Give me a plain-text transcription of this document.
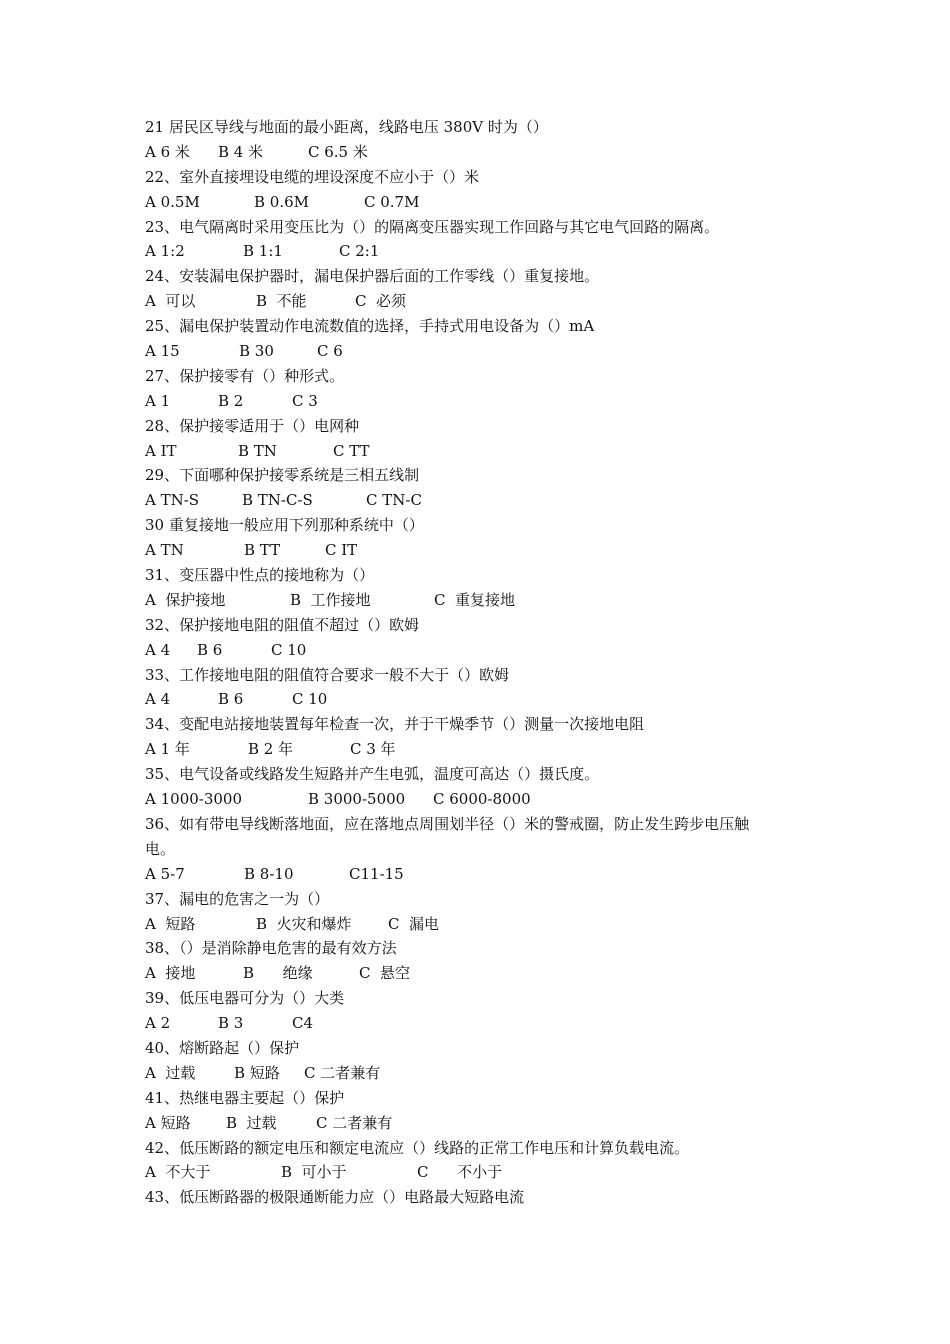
21 居民区导线与地面的最小距离，线路电压 380V 时为（）

A 6 米

B 4 米

	C 6.5 米

22、室外直接埋设电缆的埋设深度不应小于（）米

A 0.5M

	B 0.6M

	C 0.7M

23、电气隔离时采用变压比为（）的隔离变压器实现工作回路与其它电气回路的隔离。

A 1:2

	B 1:1

	C 2:1

24、安装漏电保护器时，漏电保护器后面的工作零线（）重复接地。

A  可以

	B  不能

	C  必须

25、漏电保护装置动作电流数值的选择，手持式用电设备为（）mA

A 15

	B 30

	C 6

27、保护接零有（）种形式。

A 1

	B 2

	C 3

28、保护接零适用于（）电网种

A IT

	B TN

	C TT

29、下面哪种保护接零系统是三相五线制

A TN-S

	B TN-C-S

	C TN-C

30 重复接地一般应用下列那种系统中（）

A TN

	B TT

	C IT

31、变压器中性点的接地称为（）

A  保护接地

	B  工作接地

	C  重复接地

32、保护接地电阻的阻值不超过（）欧姆

A 4

B 6

	C 10

33、工作接地电阻的阻值符合要求一般不大于（）欧姆

A 4

	B 6

	C 10

34、变配电站接地装置每年检查一次，并于干燥季节（）测量一次接地电阻

A 1 年

	B 2 年

	C 3 年

35、电气设备或线路发生短路并产生电弧，温度可高达（）摄氏度。

A 1000-3000

	B 3000-5000

C 6000-8000

36、如有带电导线断落地面，应在落地点周围划半径（）米的警戒圈，防止发生跨步电压触
电。

A 5-7

	B 8-10

	C11-15

37、漏电的危害之一为（）

A  短路

	B  火灾和爆炸

C  漏电

38、（）是消除静电危害的最有效方法

A  接地

	B      绝缘

	C  悬空

39、低压电器可分为（）大类

A 2

	B 3

	C4

40、熔断路起（）保护

A  过载

	B 短路

C 二者兼有

41、热继电器主要起（）保护

A 短路

B  过载

	C 二者兼有

42、低压断路的额定电压和额定电流应（）线路的正常工作电压和计算负载电流。

A  不大于

	B  可小于

	C      不小于

43、低压断路器的极限通断能力应（）电路最大短路电流
